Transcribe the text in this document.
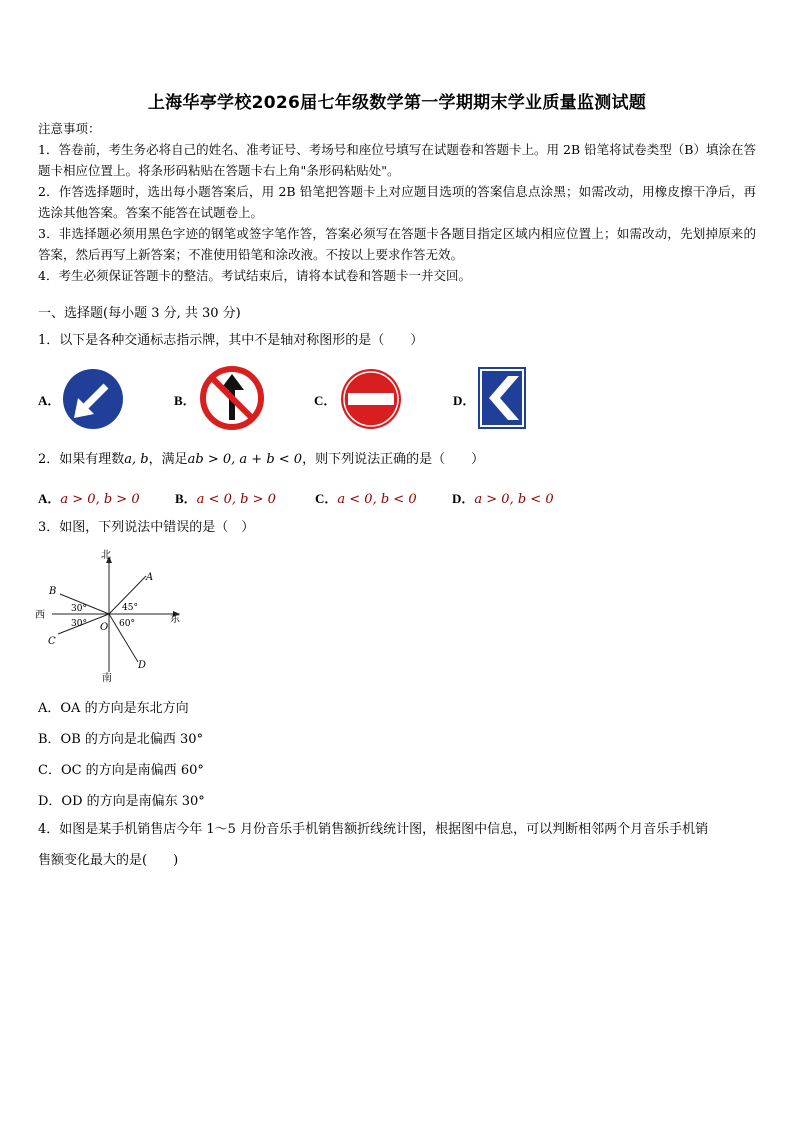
上海华亭学校2026届七年级数学第一学期期末学业质量监测试题

注意事项：

1．答卷前，考生务必将自己的姓名、准考证号、考场号和座位号填写在试题卷和答题卡上。用 2B 铅笔将试卷类型（B）填涂在答题卡相应位置上。将条形码粘贴在答题卡右上角"条形码粘贴处"。

2．作答选择题时，选出每小题答案后，用 2B 铅笔把答题卡上对应题目选项的答案信息点涂黑；如需改动，用橡皮擦干净后，再选涂其他答案。答案不能答在试题卷上。

3．非选择题必须用黑色字迹的钢笔或签字笔作答，答案必须写在答题卡各题目指定区域内相应位置上；如需改动，先划掉原来的答案，然后再写上新答案；不准使用铅笔和涂改液。不按以上要求作答无效。

4．考生必须保证答题卡的整洁。考试结束后，请将本试卷和答题卡一并交回。

一、选择题(每小题 3 分, 共 30 分)
1．以下是各种交通标志指示牌，其中不是轴对称图形的是（　　）
A．	B．	C．	D．
2．如果有理数a, b，满足ab > 0, a + b < 0，则下列说法正确的是（　　）
A．a > 0, b > 0	B．a < 0, b > 0	C．a < 0, b < 0	D．a > 0, b < 0
3．如图，下列说法中错误的是（　）
北
南
西	东
A
B
C
D
O
30°
30°
45°
60°
A．OA 的方向是东北方向
B．OB 的方向是北偏西 30°
C．OC 的方向是南偏西 60°
D．OD 的方向是南偏东 30°
4．如图是某手机销售店今年 1～5 月份音乐手机销售额折线统计图，根据图中信息，可以判断相邻两个月音乐手机销
售额变化最大的是(　　)
